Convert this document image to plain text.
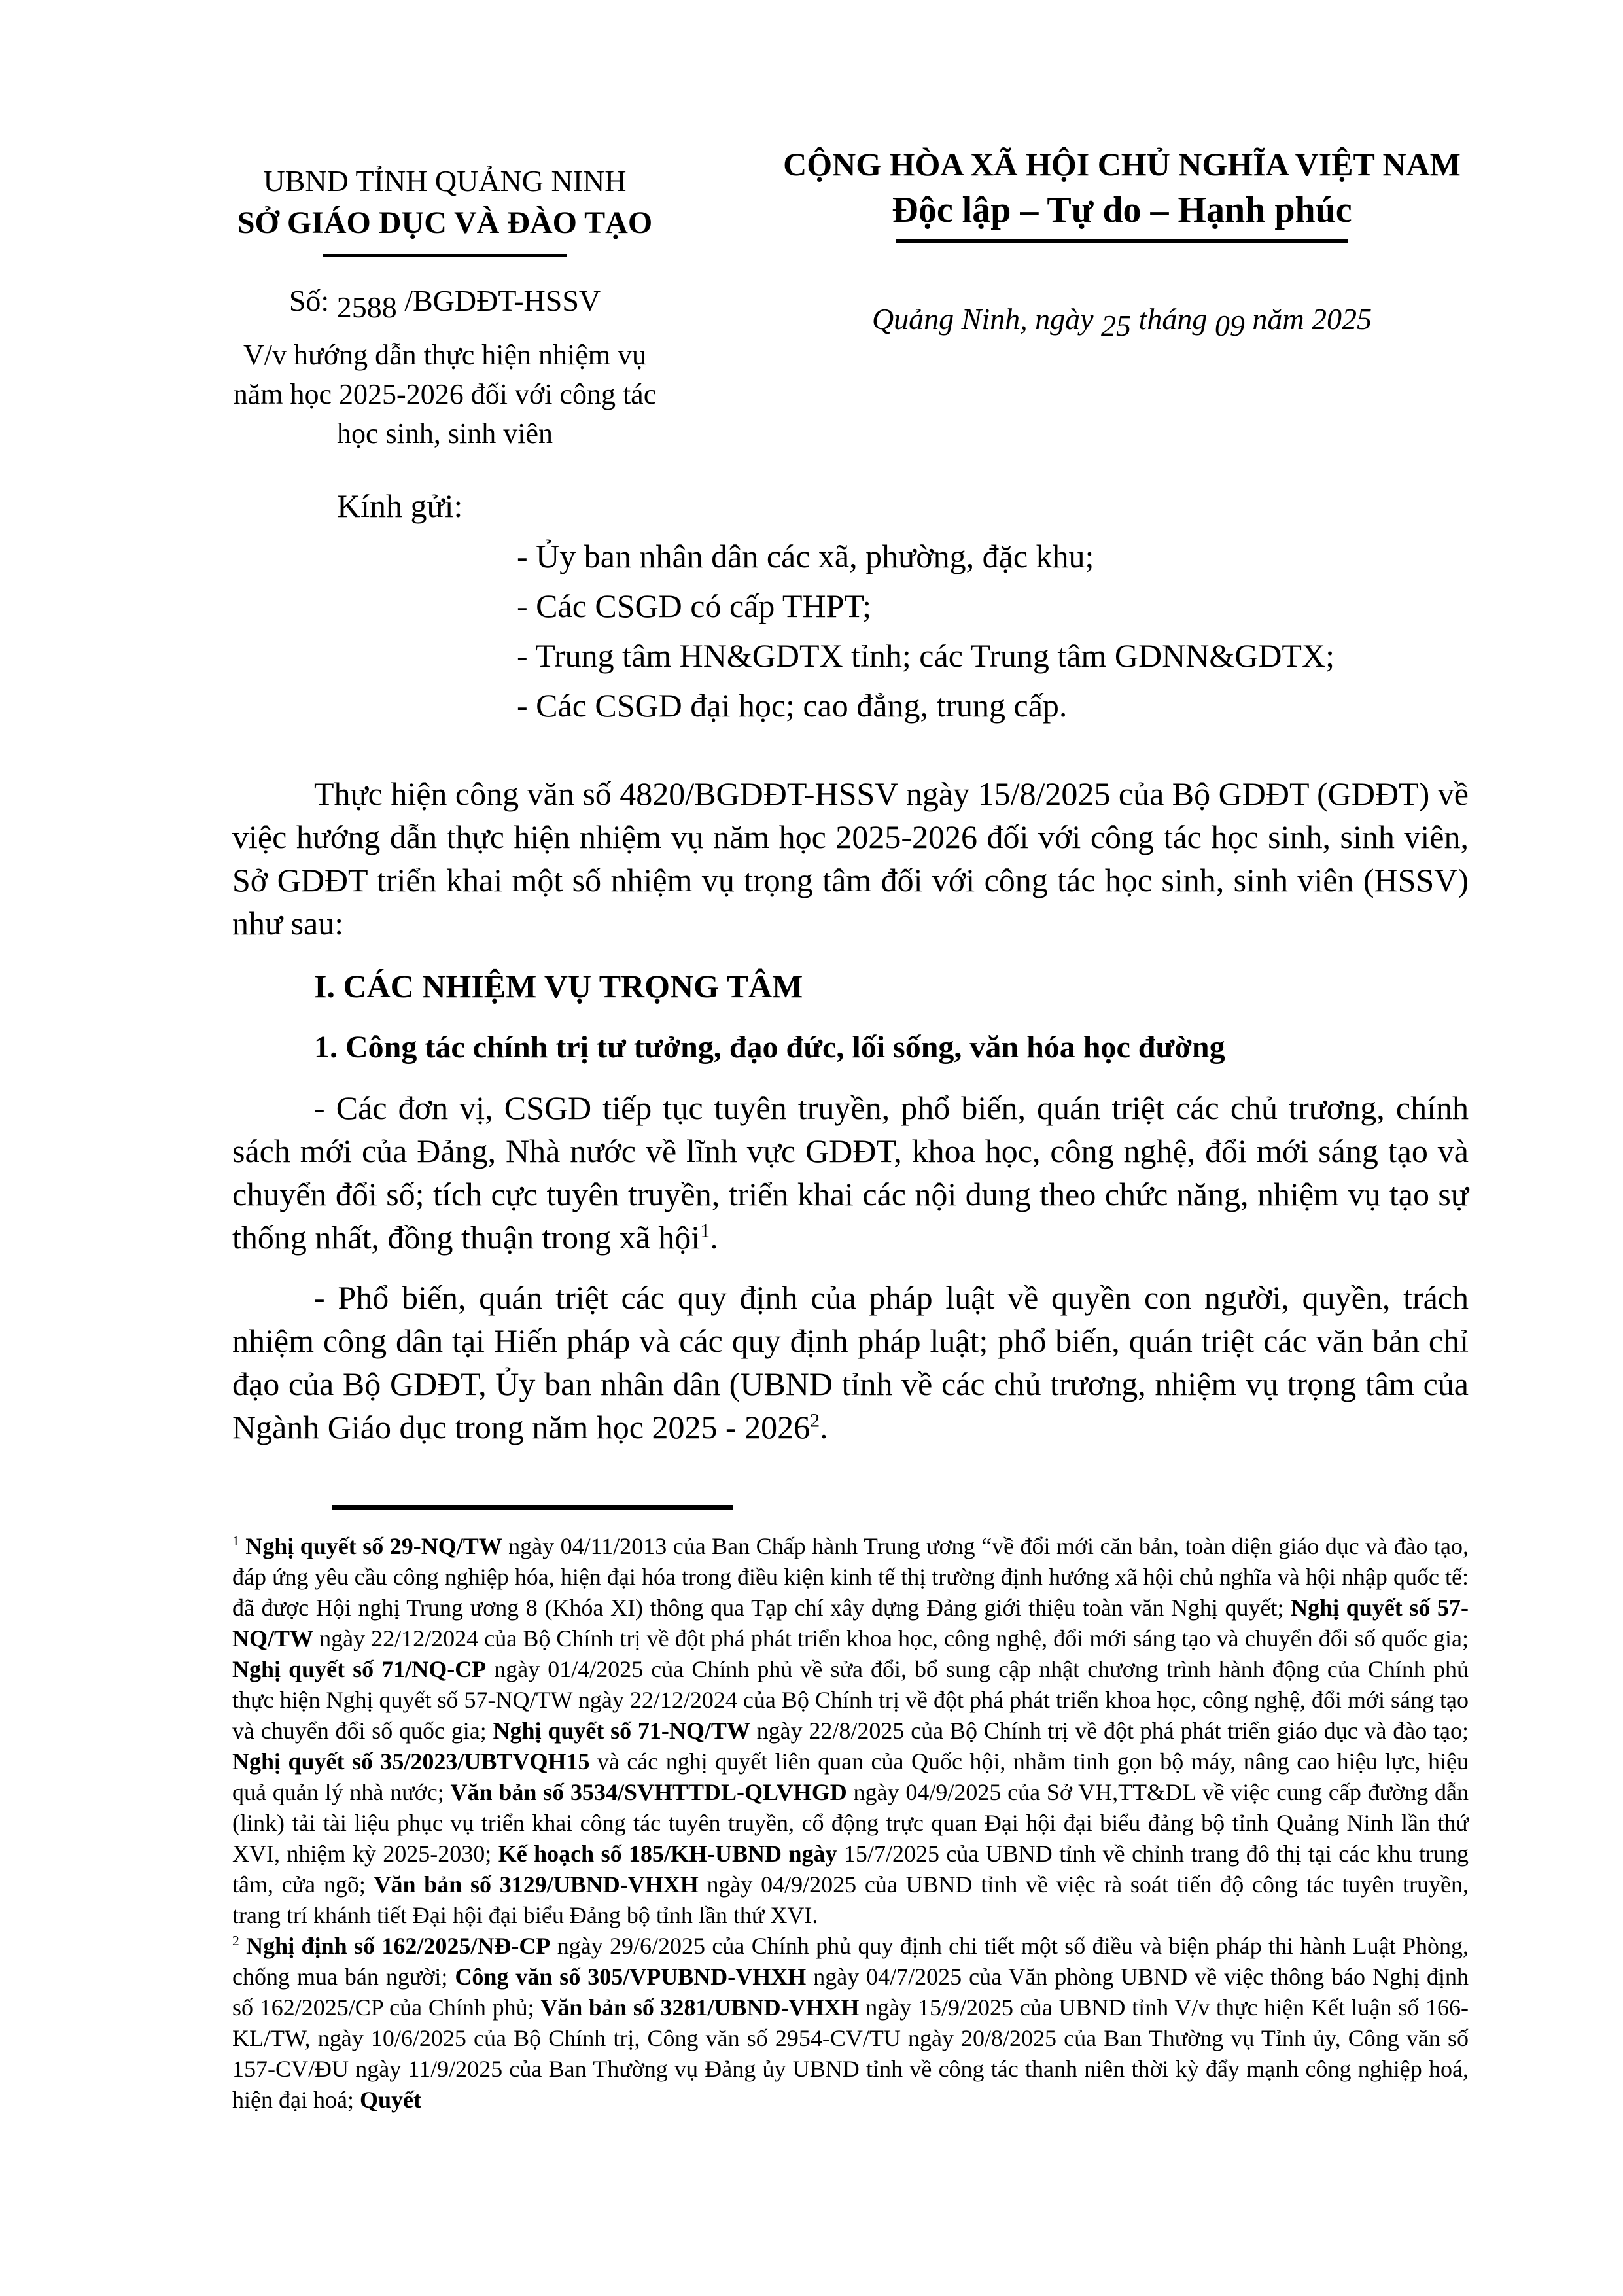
UBND TỈNH QUẢNG NINH
SỞ GIÁO DỤC VÀ ĐÀO TẠO
Số: 2588 /BGDĐT-HSSV
V/v hướng dẫn thực hiện nhiệm vụ
năm học 2025-2026 đối với công tác
học sinh, sinh viên
CỘNG HÒA XÃ HỘI CHỦ NGHĨA VIỆT NAM
Độc lập – Tự do – Hạnh phúc
Quảng Ninh, ngày 25 tháng 09 năm 2025
Kính gửi:
- Ủy ban nhân dân các xã, phường, đặc khu;
- Các CSGD có cấp THPT;
- Trung tâm HN&GDTX tỉnh; các Trung tâm GDNN&GDTX;
- Các CSGD đại học; cao đẳng, trung cấp.

Thực hiện công văn số 4820/BGDĐT-HSSV ngày 15/8/2025 của Bộ GDĐT (GDĐT) về việc hướng dẫn thực hiện nhiệm vụ năm học 2025-2026 đối với công tác học sinh, sinh viên, Sở GDĐT triển khai một số nhiệm vụ trọng tâm đối với công tác học sinh, sinh viên (HSSV) như sau:

I. CÁC NHIỆM VỤ TRỌNG TÂM

1. Công tác chính trị tư tưởng, đạo đức, lối sống, văn hóa học đường

- Các đơn vị, CSGD tiếp tục tuyên truyền, phổ biến, quán triệt các chủ trương, chính sách mới của Đảng, Nhà nước về lĩnh vực GDĐT, khoa học, công nghệ, đổi mới sáng tạo và chuyển đổi số; tích cực tuyên truyền, triển khai các nội dung theo chức năng, nhiệm vụ tạo sự thống nhất, đồng thuận trong xã hội$^1$.

- Phổ biến, quán triệt các quy định của pháp luật về quyền con người, quyền, trách nhiệm công dân tại Hiến pháp và các quy định pháp luật; phổ biến, quán triệt các văn bản chỉ đạo của Bộ GDĐT, Ủy ban nhân dân (UBND tỉnh về các chủ trương, nhiệm vụ trọng tâm của Ngành Giáo dục trong năm học 2025 - 2026$^2$.

$^1$ Nghị quyết số 29-NQ/TW ngày 04/11/2013 của Ban Chấp hành Trung ương “về đổi mới căn bản, toàn diện giáo dục và đào tạo, đáp ứng yêu cầu công nghiệp hóa, hiện đại hóa trong điều kiện kinh tế thị trường định hướng xã hội chủ nghĩa và hội nhập quốc tế: đã được Hội nghị Trung ương 8 (Khóa XI) thông qua Tạp chí xây dựng Đảng giới thiệu toàn văn Nghị quyết; Nghị quyết số 57-NQ/TW ngày 22/12/2024 của Bộ Chính trị về đột phá phát triển khoa học, công nghệ, đổi mới sáng tạo và chuyển đổi số quốc gia; Nghị quyết số 71/NQ-CP ngày 01/4/2025 của Chính phủ về sửa đổi, bổ sung cập nhật chương trình hành động của Chính phủ thực hiện Nghị quyết số 57-NQ/TW ngày 22/12/2024 của Bộ Chính trị về đột phá phát triển khoa học, công nghệ, đổi mới sáng tạo và chuyển đổi số quốc gia; Nghị quyết số 71-NQ/TW ngày 22/8/2025 của Bộ Chính trị về đột phá phát triển giáo dục và đào tạo; Nghị quyết số 35/2023/UBTVQH15 và các nghị quyết liên quan của Quốc hội, nhằm tinh gọn bộ máy, nâng cao hiệu lực, hiệu quả quản lý nhà nước; Văn bản số 3534/SVHTTDL-QLVHGD ngày 04/9/2025 của Sở VH,TT&DL về việc cung cấp đường dẫn (link) tải tài liệu phục vụ triển khai công tác tuyên truyền, cổ động trực quan Đại hội đại biểu đảng bộ tỉnh Quảng Ninh lần thứ XVI, nhiệm kỳ 2025-2030; Kế hoạch số 185/KH-UBND ngày 15/7/2025 của UBND tỉnh về chỉnh trang đô thị tại các khu trung tâm, cửa ngõ; Văn bản số 3129/UBND-VHXH ngày 04/9/2025 của UBND tỉnh về việc rà soát tiến độ công tác tuyên truyền, trang trí khánh tiết Đại hội đại biểu Đảng bộ tỉnh lần thứ XVI.

$^2$ Nghị định số 162/2025/NĐ-CP ngày 29/6/2025 của Chính phủ quy định chi tiết một số điều và biện pháp thi hành Luật Phòng, chống mua bán người; Công văn số 305/VPUBND-VHXH ngày 04/7/2025 của Văn phòng UBND về việc thông báo Nghị định số 162/2025/CP của Chính phủ; Văn bản số 3281/UBND-VHXH ngày 15/9/2025 của UBND tỉnh V/v thực hiện Kết luận số 166- KL/TW, ngày 10/6/2025 của Bộ Chính trị, Công văn số 2954-CV/TU ngày 20/8/2025 của Ban Thường vụ Tỉnh ủy, Công văn số 157-CV/ĐU ngày 11/9/2025 của Ban Thường vụ Đảng ủy UBND tỉnh về công tác thanh niên thời kỳ đẩy mạnh công nghiệp hoá, hiện đại hoá; Quyết
